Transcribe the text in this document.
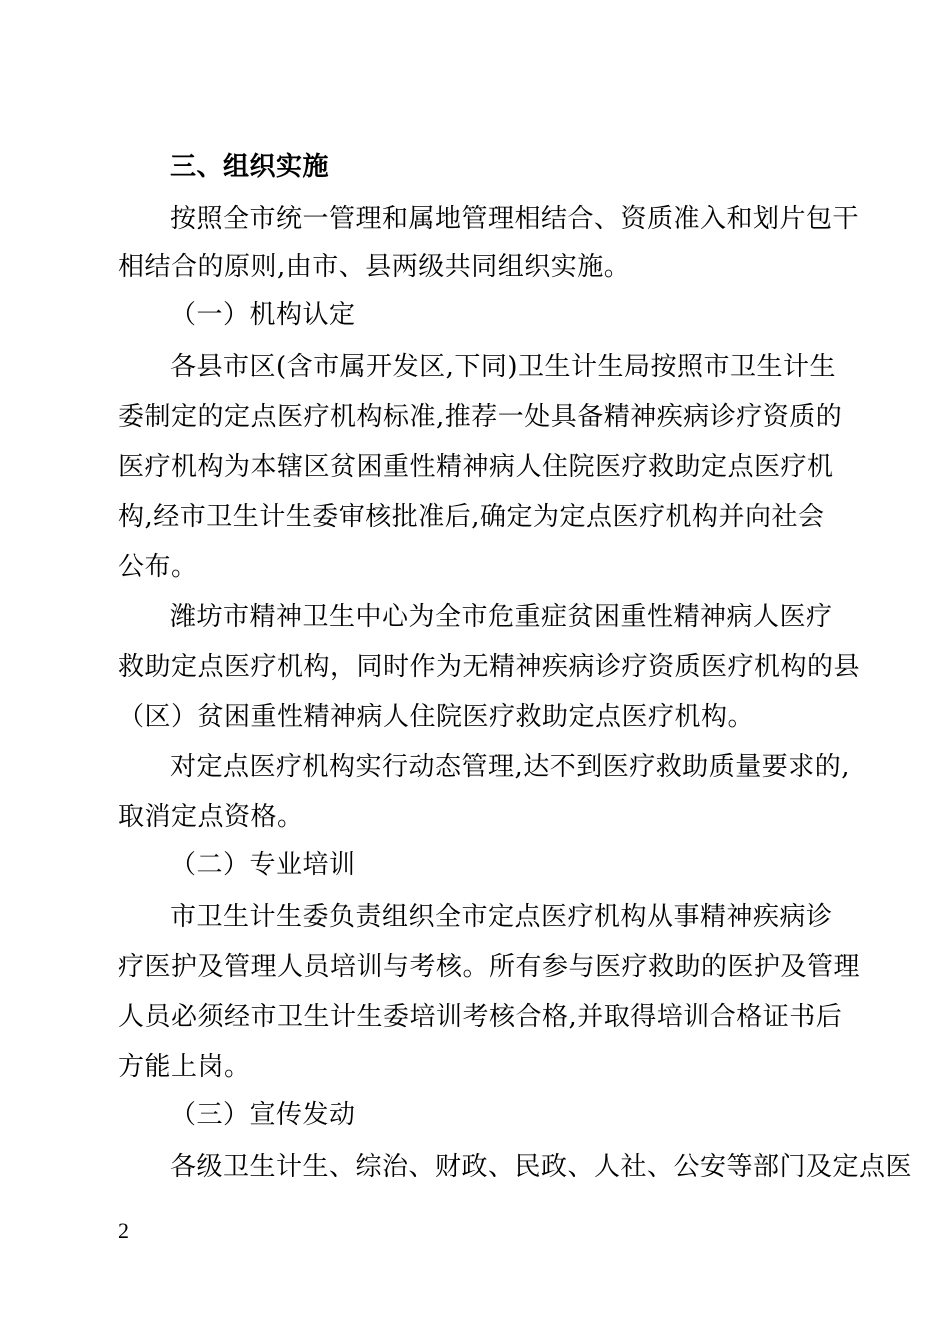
三、组织实施
按照全市统一管理和属地管理相结合、资质准入和划片包干
相结合的原则,由市、县两级共同组织实施。
（一）机构认定
各县市区(含市属开发区,下同)卫生计生局按照市卫生计生
委制定的定点医疗机构标准,推荐一处具备精神疾病诊疗资质的
医疗机构为本辖区贫困重性精神病人住院医疗救助定点医疗机
构,经市卫生计生委审核批准后,确定为定点医疗机构并向社会
公布。
潍坊市精神卫生中心为全市危重症贫困重性精神病人医疗
救助定点医疗机构，同时作为无精神疾病诊疗资质医疗机构的县
（区）贫困重性精神病人住院医疗救助定点医疗机构。
对定点医疗机构实行动态管理,达不到医疗救助质量要求的,
取消定点资格。
（二）专业培训
市卫生计生委负责组织全市定点医疗机构从事精神疾病诊
疗医护及管理人员培训与考核。所有参与医疗救助的医护及管理
人员必须经市卫生计生委培训考核合格,并取得培训合格证书后
方能上岗。
（三）宣传发动
各级卫生计生、综治、财政、民政、人社、公安等部门及定点医
2
